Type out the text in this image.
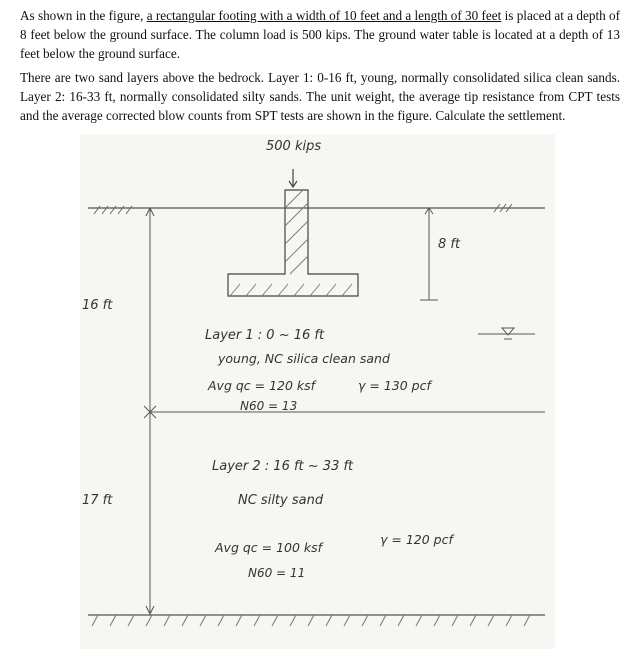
As shown in the figure, a rectangular footing with a width of 10 feet and a length of 30 feet is placed at a depth of 8 feet below the ground surface. The column load is 500 kips. The ground water table is located at a depth of 13 feet below the ground surface.

There are two sand layers above the bedrock. Layer 1: 0-16 ft, young, normally consolidated silica clean sands. Layer 2: 16-33 ft, normally consolidated silty sands. The unit weight, the average tip resistance from CPT tests and the average corrected blow counts from SPT tests are shown in the figure. Calculate the settlement.

500 kips
8 ft
16 ft
17 ft
Layer 1 : 0 ~ 16 ft
young, NC silica clean sand
Avg qc = 120 ksf	γ = 130 pcf
N60 = 13
Layer 2 : 16 ft ~ 33 ft
NC silty sand
Avg qc = 100 ksf
γ = 120 pcf
N60 = 11
